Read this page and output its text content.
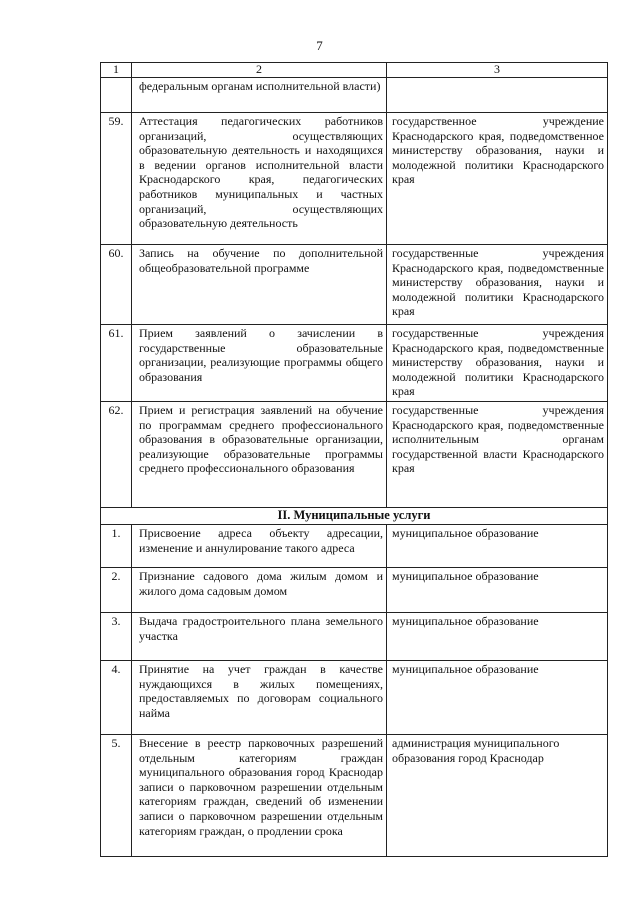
7
1	2	3

	федеральным органам исполнительной власти)	

59.	Аттестация педагогических работников организаций, осуществляющих образовательную деятельность и находящихся в ведении органов исполнительной власти Краснодарского края, педагогических работников муниципальных и частных организаций, осуществляющих образовательную деятельность	государственное учреждение Краснодарского края, подведомственное министерству образования, науки и молодежной политики Краснодарского края

60.	Запись на обучение по дополнительной общеобразовательной программе	государственные учреждения Краснодарского края, подведомственные министерству образования, науки и молодежной политики Краснодарского края

61.	Прием заявлений о зачислении в государственные образовательные организации, реализующие программы общего образования	государственные учреждения Краснодарского края, подведомственные министерству образования, науки и молодежной политики Краснодарского края

62.	Прием и регистрация заявлений на обучение по программам среднего профессионального образования в образовательные организации, реализующие образовательные программы среднего профессионального образования	государственные учреждения Краснодарского края, подведомственные исполнительным органам государственной власти Краснодарского края

II. Муниципальные услуги		
1.	Присвоение адреса объекту адресации, изменение и аннулирование такого адреса	муниципальное образование

2.	Признание садового дома жилым домом и жилого дома садовым домом	муниципальное образование

3.	Выдача градостроительного плана земельного участка	муниципальное образование

4.	Принятие на учет граждан в качестве нуждающихся в жилых помещениях, предоставляемых по договорам социального найма	муниципальное образование

5.	Внесение в реестр парковочных разрешений отдельным категориям граждан муниципального образования город Краснодар записи о парковочном разрешении отдельным категориям граждан, сведений об изменении записи о парковочном разрешении отдельным категориям граждан, о продлении срока	администрация муниципального образования город Краснодар
